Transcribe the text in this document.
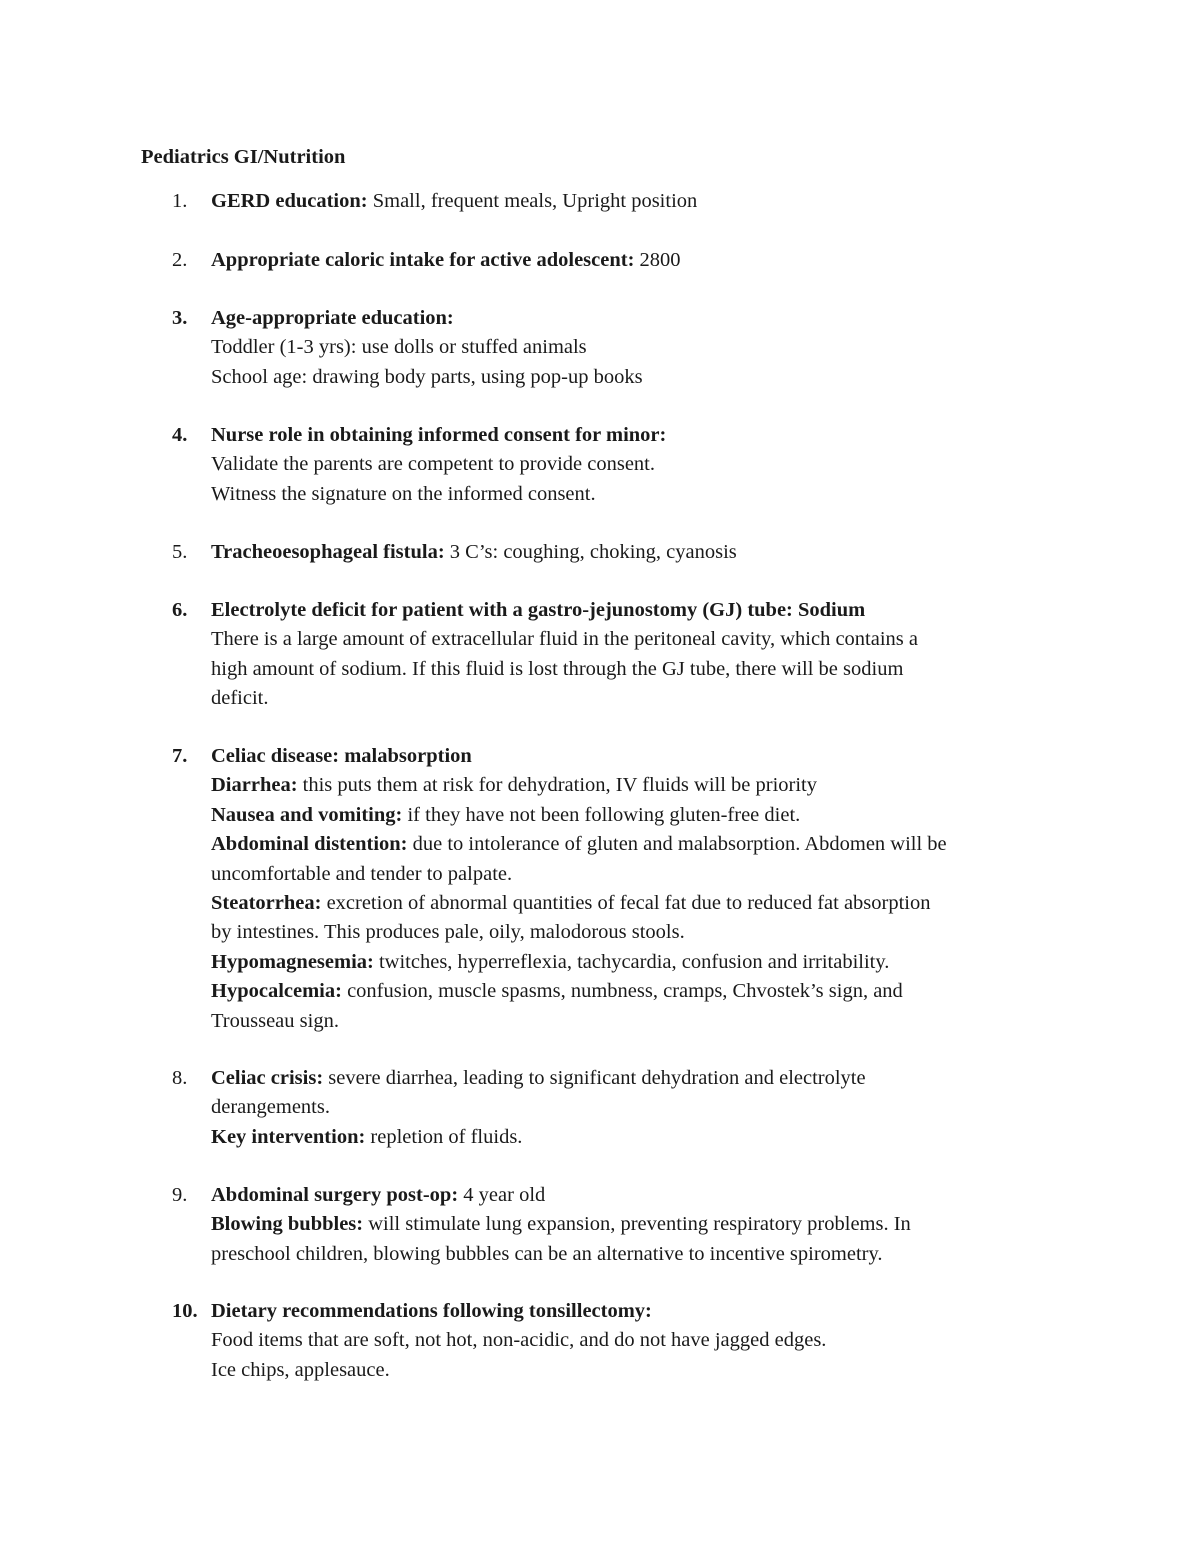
Pediatrics GI/Nutrition
1.	GERD education: Small, frequent meals, Upright position
2.	Appropriate caloric intake for active adolescent: 2800
3.	Age-appropriate education:
Toddler (1-3 yrs): use dolls or stuffed animals
School age: drawing body parts, using pop-up books
4.	Nurse role in obtaining informed consent for minor:
Validate the parents are competent to provide consent.
Witness the signature on the informed consent.
5.	Tracheoesophageal fistula: 3 C’s: coughing, choking, cyanosis
6.	Electrolyte deficit for patient with a gastro-jejunostomy (GJ) tube: Sodium
There is a large amount of extracellular fluid in the peritoneal cavity, which contains a
high amount of sodium. If this fluid is lost through the GJ tube, there will be sodium
deficit.
7.	Celiac disease: malabsorption
Diarrhea: this puts them at risk for dehydration, IV fluids will be priority
Nausea and vomiting: if they have not been following gluten-free diet.
Abdominal distention: due to intolerance of gluten and malabsorption. Abdomen will be
uncomfortable and tender to palpate.
Steatorrhea: excretion of abnormal quantities of fecal fat due to reduced fat absorption
by intestines. This produces pale, oily, malodorous stools.
Hypomagnesemia: twitches, hyperreflexia, tachycardia, confusion and irritability.
Hypocalcemia: confusion, muscle spasms, numbness, cramps, Chvostek’s sign, and
Trousseau sign.
8.	Celiac crisis: severe diarrhea, leading to significant dehydration and electrolyte
derangements.
Key intervention: repletion of fluids.
9.	Abdominal surgery post-op: 4 year old
Blowing bubbles: will stimulate lung expansion, preventing respiratory problems. In
preschool children, blowing bubbles can be an alternative to incentive spirometry.
10. Dietary recommendations following tonsillectomy:
Food items that are soft, not hot, non-acidic, and do not have jagged edges.
Ice chips, applesauce.
